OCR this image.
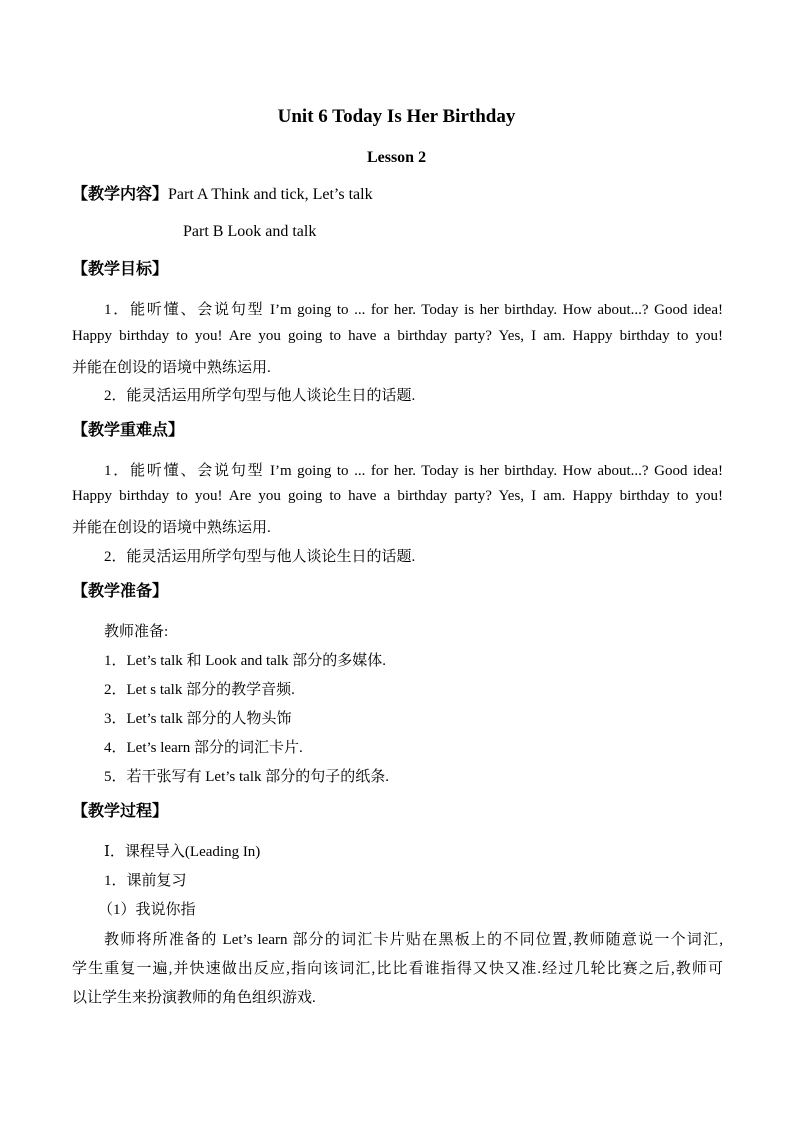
Unit 6 Today Is Her Birthday
Lesson 2
【教学内容】Part A Think and tick, Let’s talk
Part B Look and talk
【教学目标】
1．能听懂、会说句型 I’m going to ... for her. Today is her birthday. How about...? Good idea!
Happy birthday to you! Are you going to have a birthday party? Yes, I am. Happy birthday to you!
并能在创设的语境中熟练运用.
2．能灵活运用所学句型与他人谈论生日的话题.
【教学重难点】
1．能听懂、会说句型 I’m going to ... for her. Today is her birthday. How about...? Good idea!
Happy birthday to you! Are you going to have a birthday party? Yes, I am. Happy birthday to you!
并能在创设的语境中熟练运用.
2．能灵活运用所学句型与他人谈论生日的话题.
【教学准备】
教师准备:
1．Let’s talk 和 Look and talk 部分的多媒体.
2．Let s talk 部分的教学音频.
3．Let’s talk 部分的人物头饰
4．Let’s learn 部分的词汇卡片.
5．若干张写有 Let’s talk 部分的句子的纸条.
【教学过程】
Ⅰ．课程导入(Leading In)
1．课前复习
（1）我说你指
教师将所准备的 Let’s learn 部分的词汇卡片贴在黑板上的不同位置,教师随意说一个词汇,
学生重复一遍,并快速做出反应,指向该词汇,比比看谁指得又快又准.经过几轮比赛之后,教师可
以让学生来扮演教师的角色组织游戏.
